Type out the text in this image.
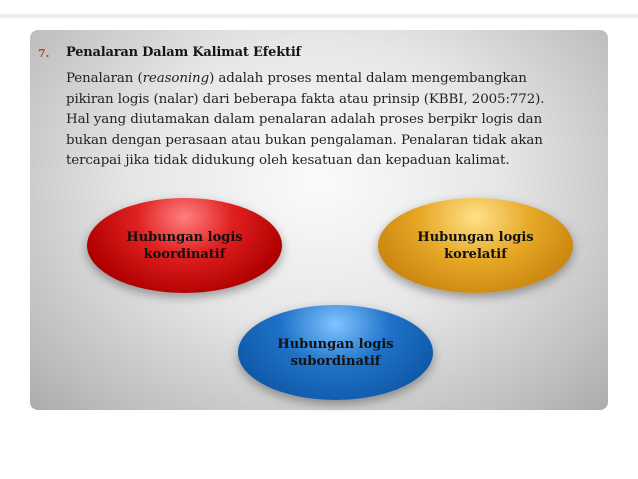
7. Penalaran Dalam Kalimat Efektif
Penalaran (reasoning) adalah proses mental dalam mengembangkan
pikiran logis (nalar) dari beberapa fakta atau prinsip (KBBI, 2005:772).
Hal yang diutamakan dalam penalaran adalah proses berpikr logis dan
bukan dengan perasaan atau bukan pengalaman. Penalaran tidak akan
tercapai jika tidak didukung oleh kesatuan dan kepaduan kalimat.
Hubungan logis koordinatif
Hubungan logis korelatif
Hubungan logis subordinatif
